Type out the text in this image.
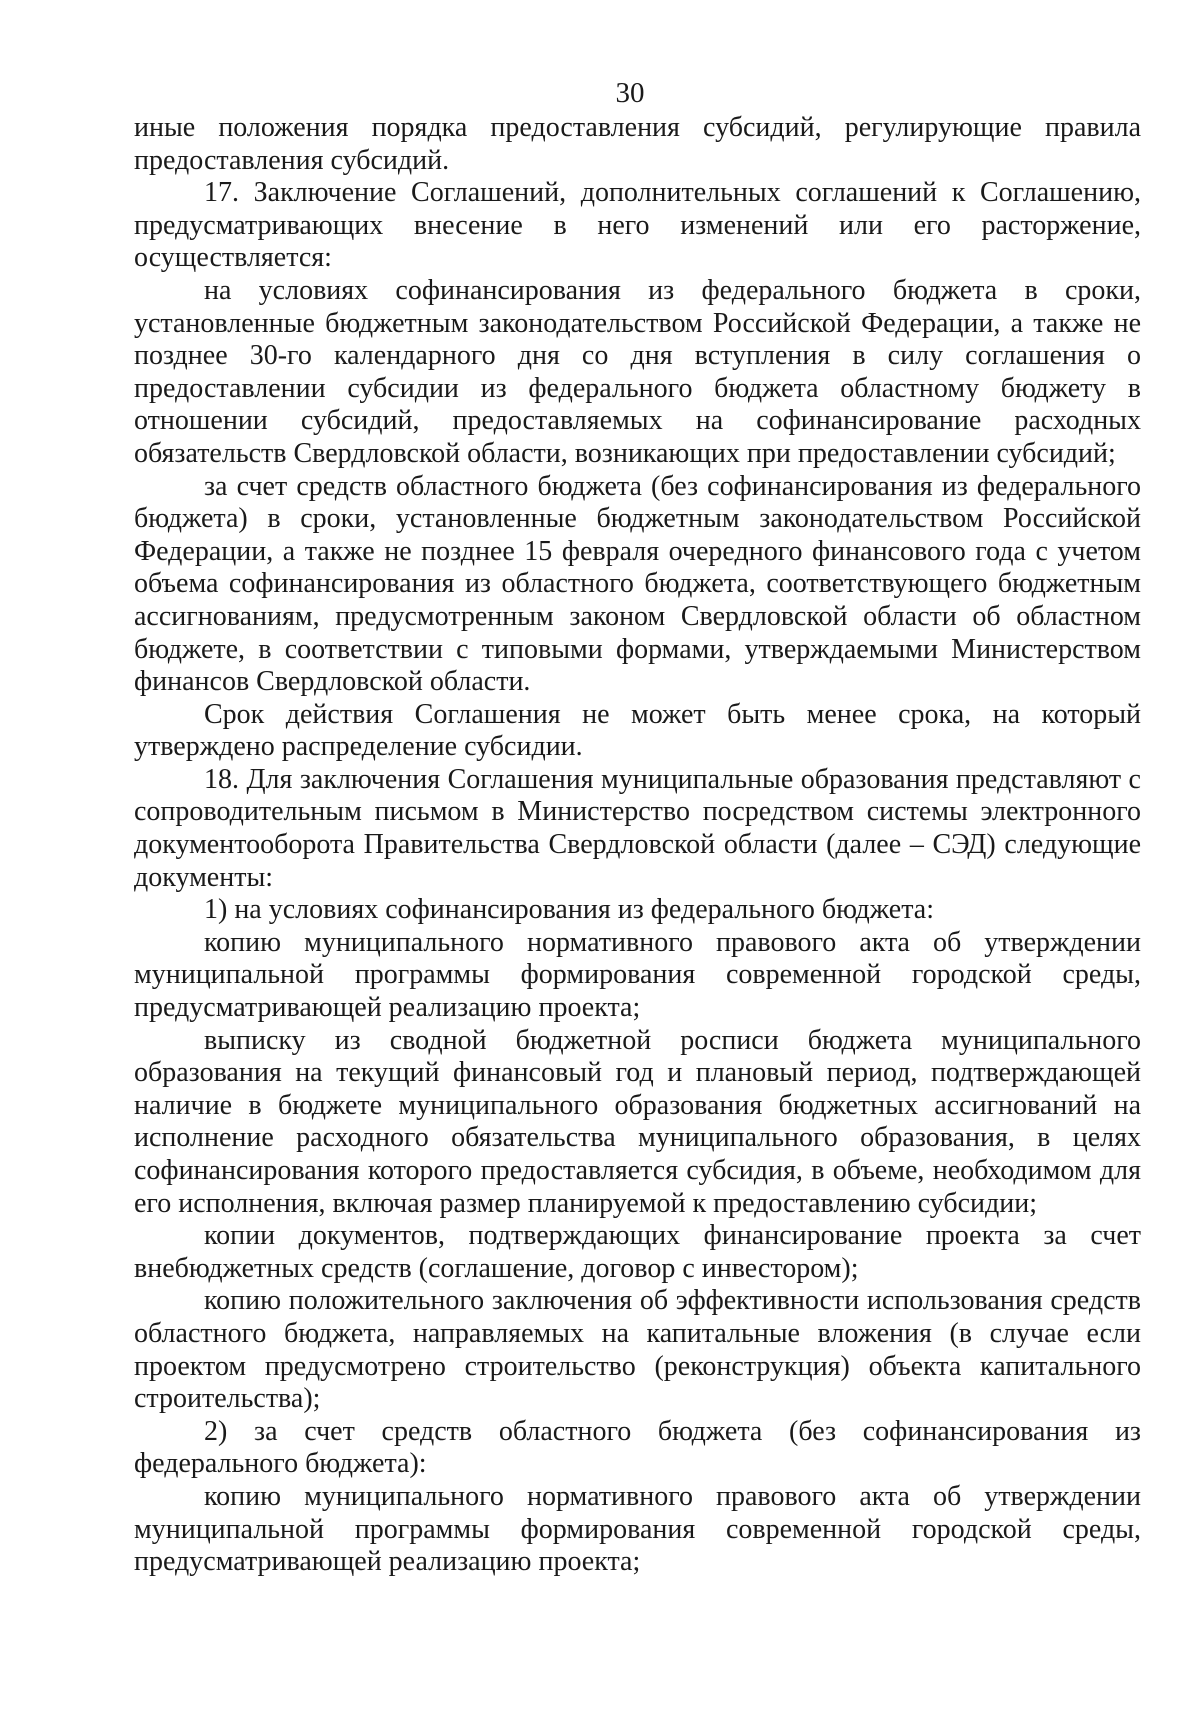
30

иные положения порядка предоставления субсидий, регулирующие правила предоставления субсидий.

17. Заключение Соглашений, дополнительных соглашений к Соглашению, предусматривающих внесение в него изменений или его расторжение, осуществляется:

на условиях софинансирования из федерального бюджета в сроки, установленные бюджетным законодательством Российской Федерации, а также не позднее 30-го календарного дня со дня вступления в силу соглашения о предоставлении субсидии из федерального бюджета областному бюджету в отношении субсидий, предоставляемых на софинансирование расходных обязательств Свердловской области, возникающих при предоставлении субсидий;

за счет средств областного бюджета (без софинансирования из федерального бюджета) в сроки, установленные бюджетным законодательством Российской Федерации, а также не позднее 15 февраля очередного финансового года с учетом объема софинансирования из областного бюджета, соответствующего бюджетным ассигнованиям, предусмотренным законом Свердловской области об областном бюджете, в соответствии с типовыми формами, утверждаемыми Министерством финансов Свердловской области.

Срок действия Соглашения не может быть менее срока, на который утверждено распределение субсидии.

18. Для заключения Соглашения муниципальные образования представляют с сопроводительным письмом в Министерство посредством системы электронного документооборота Правительства Свердловской области (далее – СЭД) следующие документы:

1) на условиях софинансирования из федерального бюджета:

копию муниципального нормативного правового акта об утверждении муниципальной программы формирования современной городской среды, предусматривающей реализацию проекта;

выписку из сводной бюджетной росписи бюджета муниципального образования на текущий финансовый год и плановый период, подтверждающей наличие в бюджете муниципального образования бюджетных ассигнований на исполнение расходного обязательства муниципального образования, в целях софинансирования которого предоставляется субсидия, в объеме, необходимом для его исполнения, включая размер планируемой к предоставлению субсидии;

копии документов, подтверждающих финансирование проекта за счет внебюджетных средств (соглашение, договор с инвестором);

копию положительного заключения об эффективности использования средств областного бюджета, направляемых на капитальные вложения (в случае если проектом предусмотрено строительство (реконструкция) объекта капитального строительства);

2) за счет средств областного бюджета (без софинансирования из федерального бюджета):

копию муниципального нормативного правового акта об утверждении муниципальной программы формирования современной городской среды, предусматривающей реализацию проекта;
